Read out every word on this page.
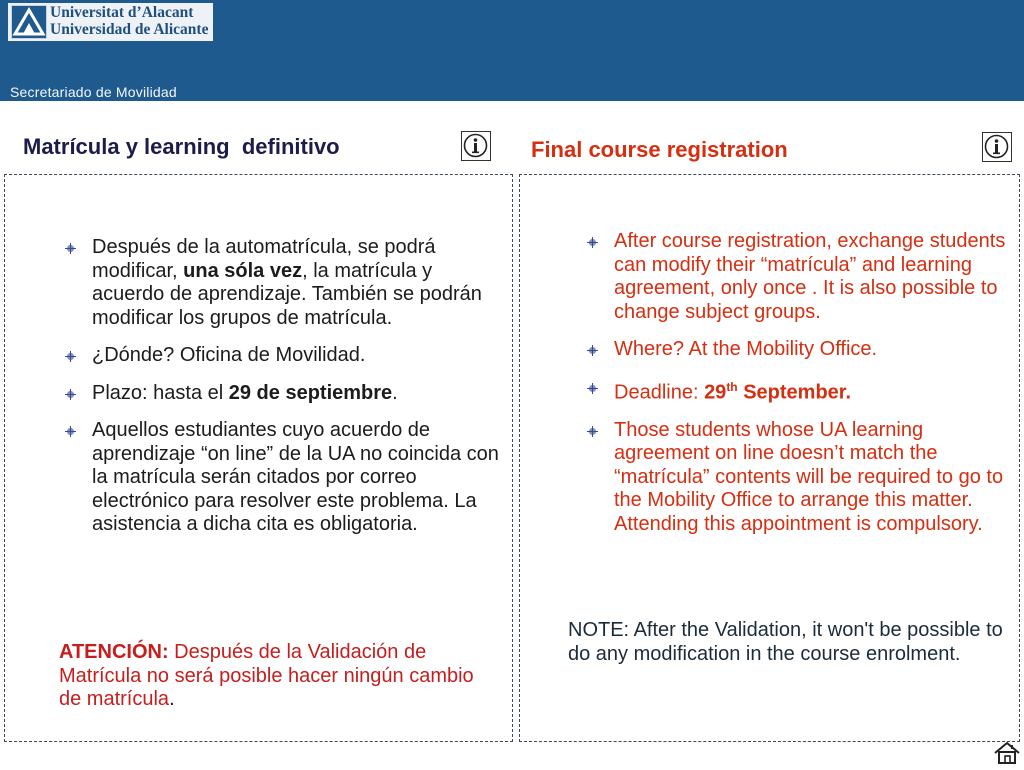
Universitat d’Alacant
Universidad de Alicante
Secretariado de Movilidad
Matrícula y learning  definitivo	Final course registration
Después de la automatrícula, se podrá modificar, una sóla vez, la matrícula y acuerdo de aprendizaje. También se podrán modificar los grupos de matrícula.
¿Dónde? Oficina de Movilidad.
Plazo: hasta el 29 de septiembre.
Aquellos estudiantes cuyo acuerdo de aprendizaje “on line” de la UA no coincida con la matrícula serán citados por correo electrónico para resolver este problema. La asistencia a dicha cita es obligatoria.
ATENCIÓN: Después de la Validación de Matrícula no será posible hacer ningún cambio de matrícula.
After course registration, exchange students can modify their “matrícula” and learning agreement, only once . It is also possible to change subject groups.
Where? At the Mobility Office.
Deadline: 29th September.
Those students whose UA learning agreement on line doesn’t match the “matrícula” contents will be required to go to the Mobility Office to arrange this matter. Attending this appointment is compulsory.
NOTE: After the Validation, it won't be possible to do any modification in the course enrolment.
